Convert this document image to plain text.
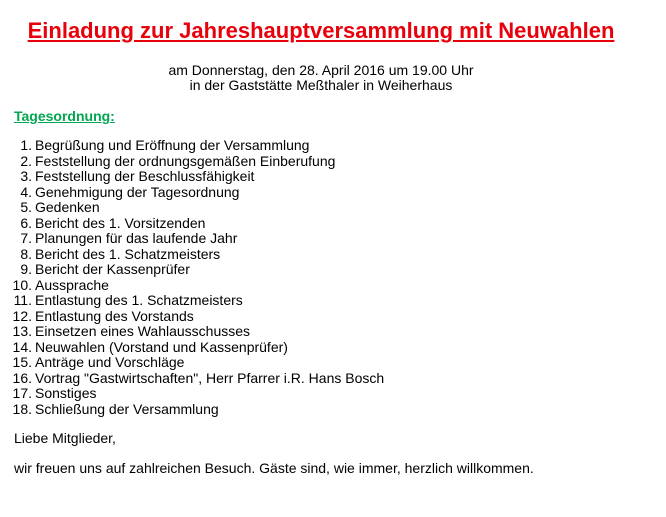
Einladung zur Jahreshauptversammlung mit Neuwahlen
am Donnerstag, den 28. April 2016 um 19.00 Uhr
in der Gaststätte Meßthaler in Weiherhaus
Tagesordnung:
1. Begrüßung und Eröffnung der Versammlung
2. Feststellung der ordnungsgemäßen Einberufung
3. Feststellung der Beschlussfähigkeit
4. Genehmigung der Tagesordnung
5. Gedenken
6. Bericht des 1. Vorsitzenden
7. Planungen für das laufende Jahr
8. Bericht des 1. Schatzmeisters
9. Bericht der Kassenprüfer
10. Aussprache
11. Entlastung des 1. Schatzmeisters
12. Entlastung des Vorstands
13. Einsetzen eines Wahlausschusses
14. Neuwahlen (Vorstand und Kassenprüfer)
15. Anträge und Vorschläge
16. Vortrag "Gastwirtschaften", Herr Pfarrer i.R. Hans Bosch
17. Sonstiges
18. Schließung der Versammlung
Liebe Mitglieder,
wir freuen uns auf zahlreichen Besuch. Gäste sind, wie immer, herzlich willkommen.
